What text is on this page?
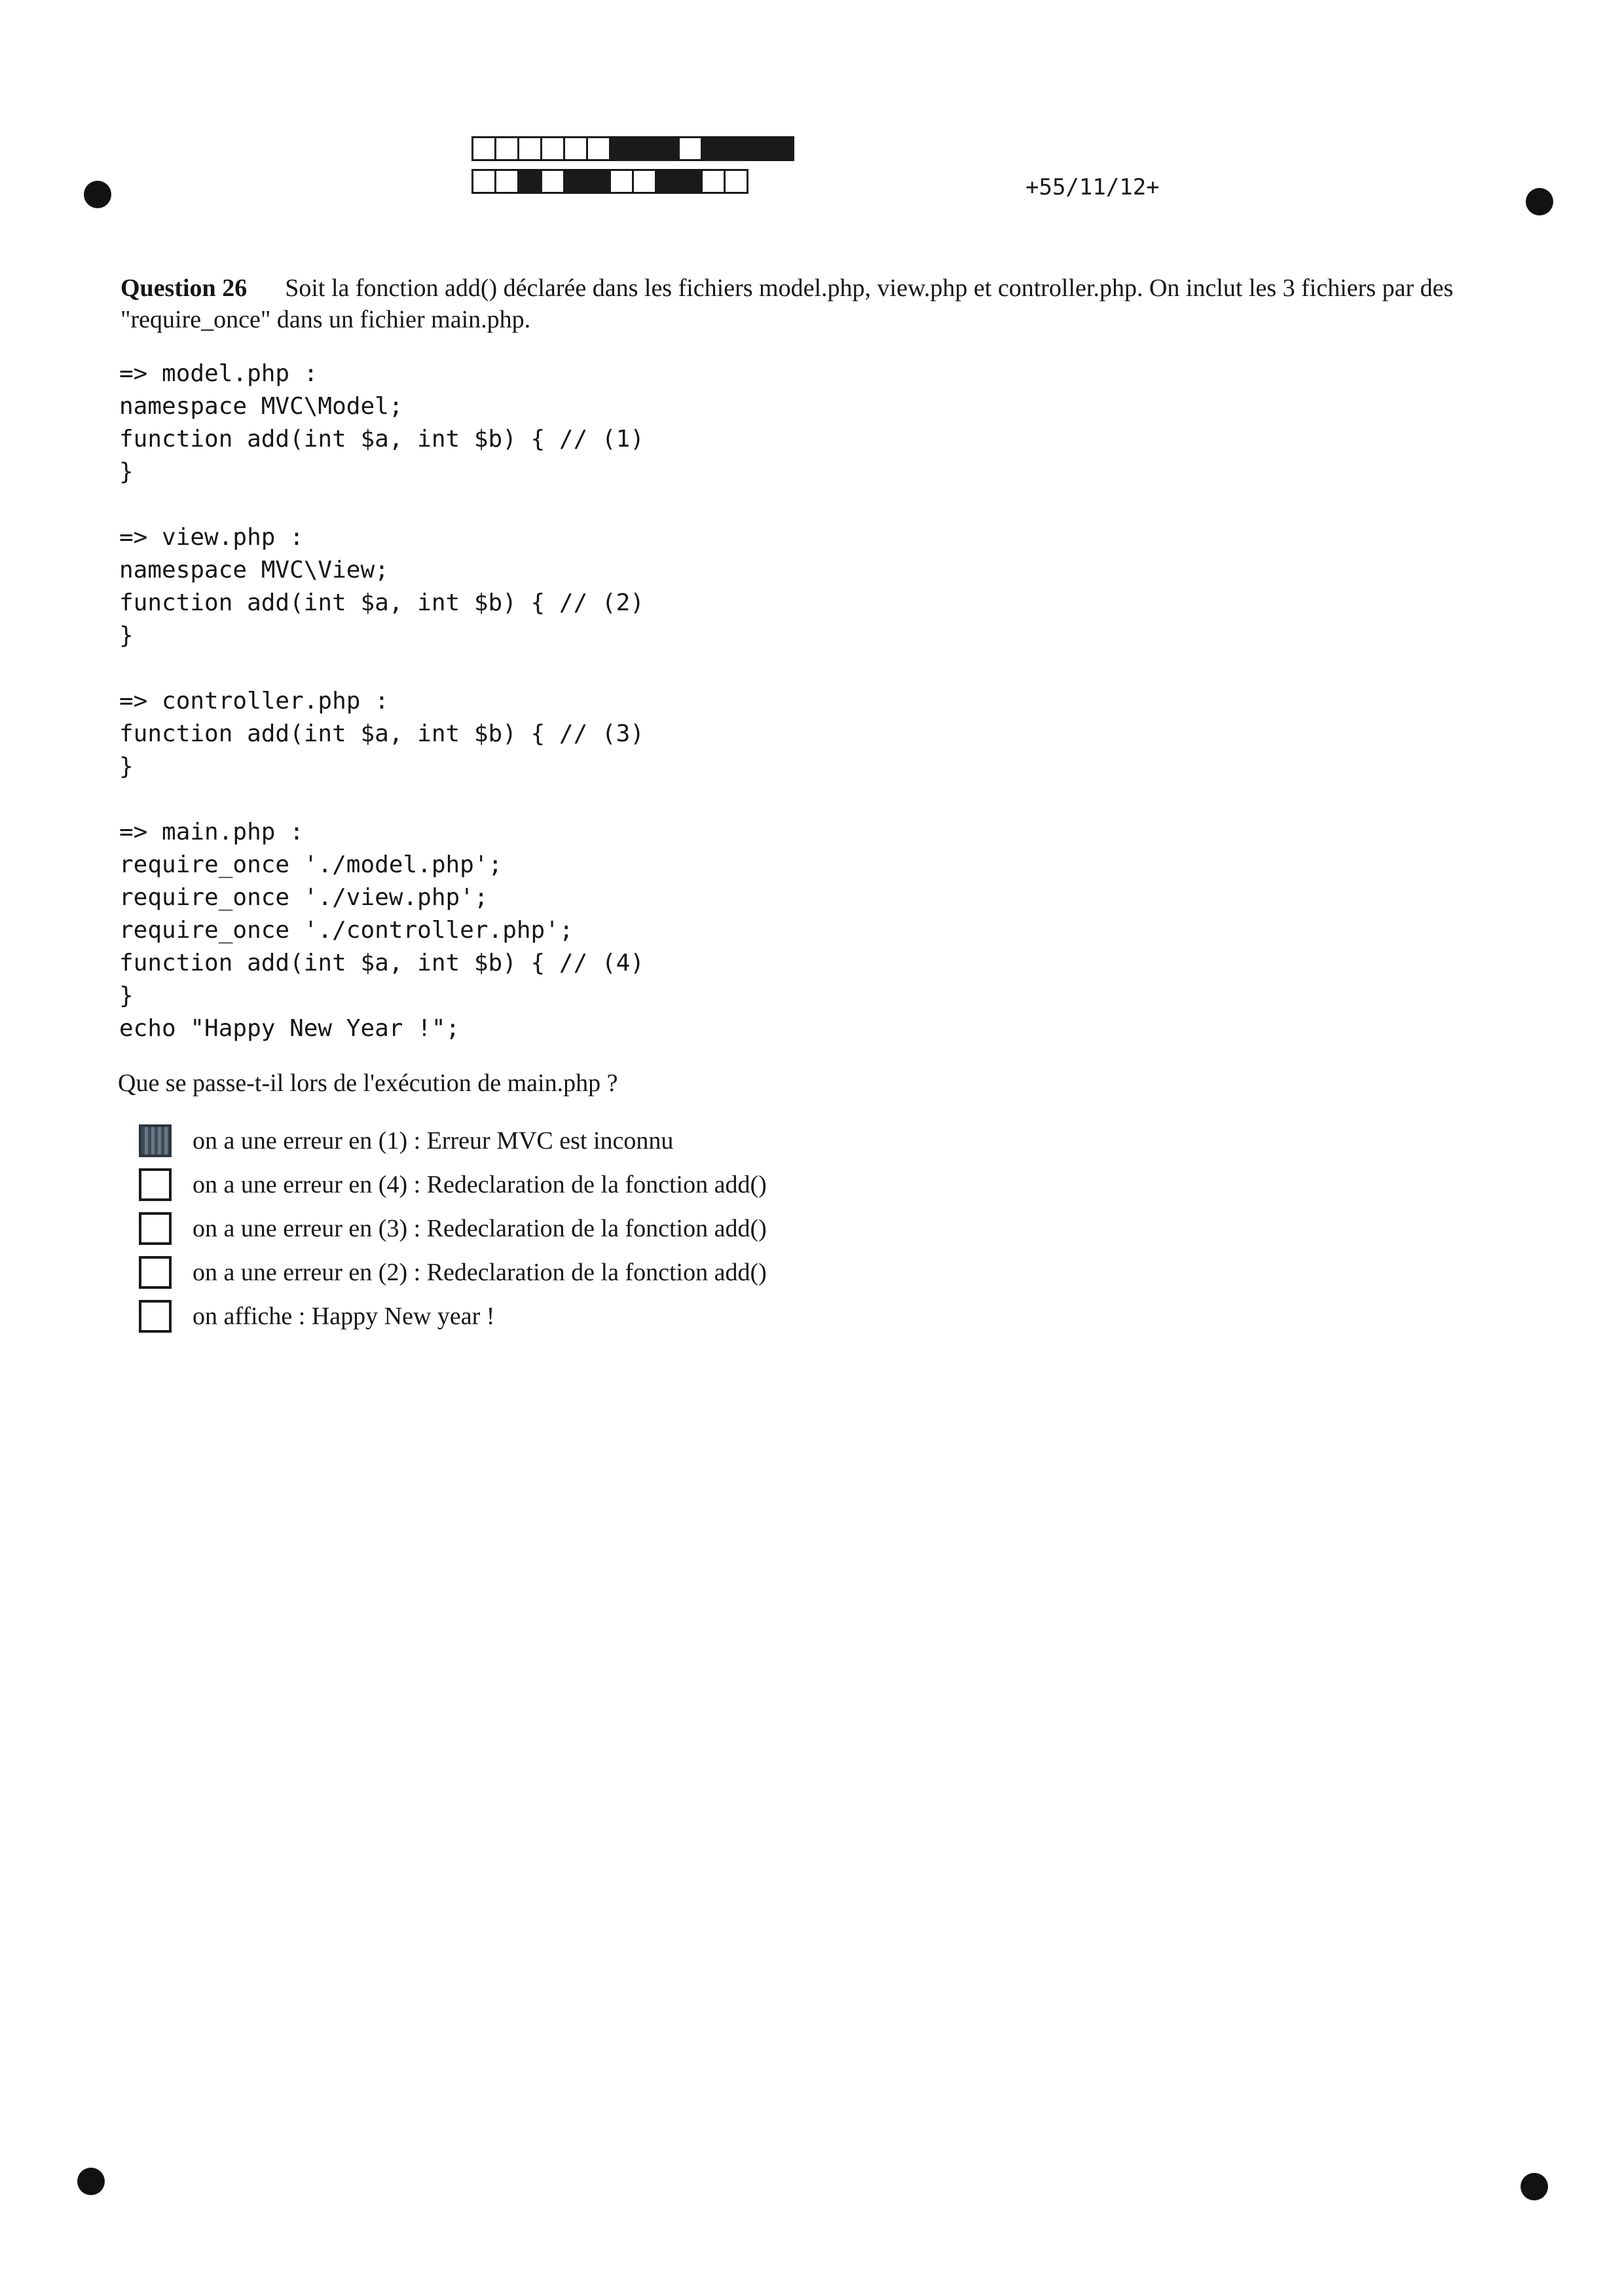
+55/11/12+
Question 26 Soit la fonction add() déclarée dans les fichiers model.php, view.php et controller.php. On inclut les 3 fichiers par des "require_once" dans un fichier main.php.
=> model.php :
namespace MVC\Model;
function add(int $a, int $b) { // (1)
}
=> view.php :
namespace MVC\View;
function add(int $a, int $b) { // (2)
}
=> controller.php :
function add(int $a, int $b) { // (3)
}
=> main.php :
require_once './model.php';
require_once './view.php';
require_once './controller.php';
function add(int $a, int $b) { // (4)
}
echo "Happy New Year !";
Que se passe-t-il lors de l'exécution de main.php ?
on a une erreur en (1) : Erreur MVC est inconnu
on a une erreur en (4) : Redeclaration de la fonction add()
on a une erreur en (3) : Redeclaration de la fonction add()
on a une erreur en (2) : Redeclaration de la fonction add()
on affiche : Happy New year !
